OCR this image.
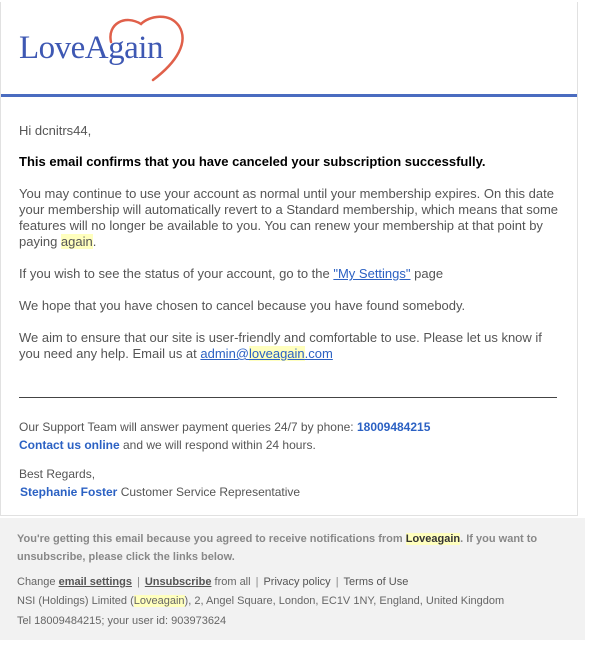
LoveAgain

Hi dcnitrs44,

This email confirms that you have canceled your subscription successfully.

You may continue to use your account as normal until your membership expires. On this date your membership will automatically revert to a Standard membership, which means that some features will no longer be available to you. You can renew your membership at that point by paying again.

If you wish to see the status of your account, go to the "My Settings" page

We hope that you have chosen to cancel because you have found somebody.

We aim to ensure that our site is user-friendly and comfortable to use. Please let us know if you need any help. Email us at admin@loveagain.com

Our Support Team will answer payment queries 24/7 by phone: 18009484215
Contact us online and we will respond within 24 hours.

Best Regards,
Stephanie Foster Customer Service Representative

You're getting this email because you agreed to receive notifications from Loveagain. If you want to unsubscribe, please click the links below.

Change email settings | Unsubscribe from all | Privacy policy | Terms of Use

NSI (Holdings) Limited (Loveagain), 2, Angel Square, London, EC1V 1NY, England, United Kingdom

Tel 18009484215; your user id: 903973624
